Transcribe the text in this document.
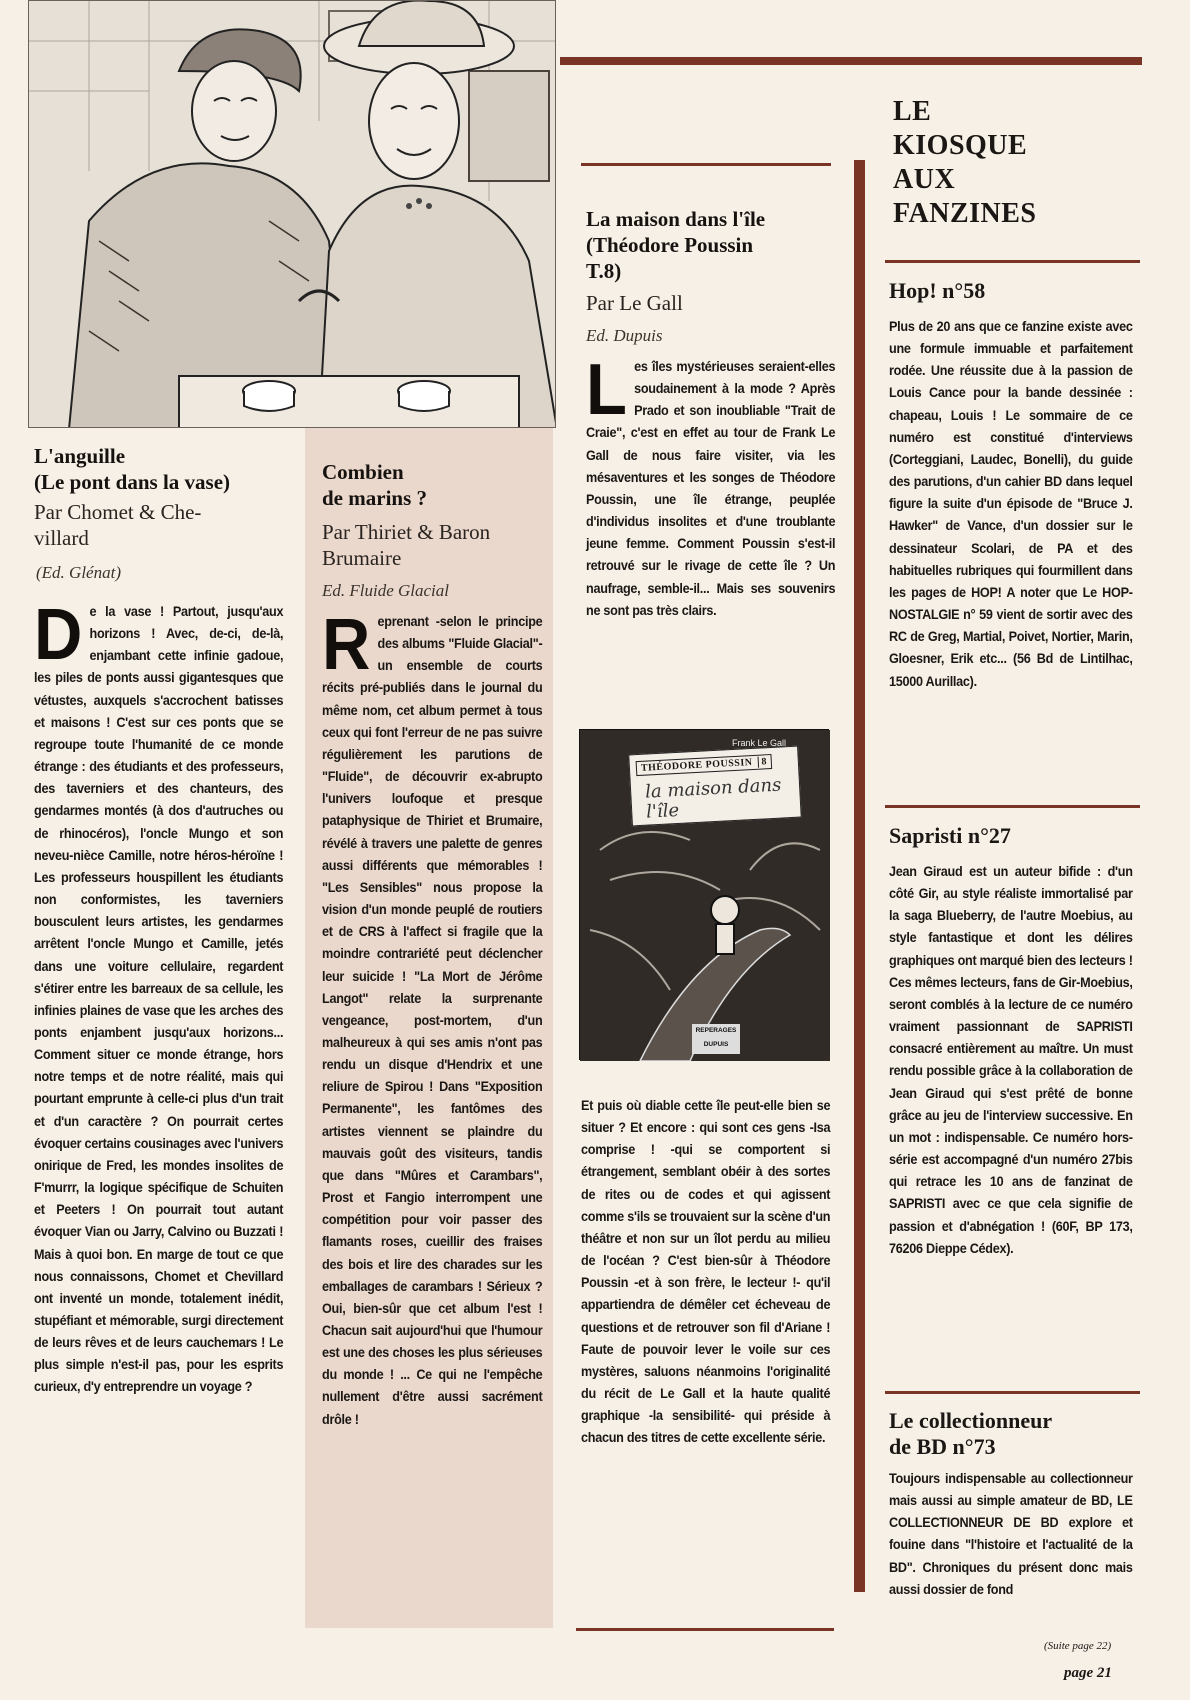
L'anguille
(Le pont dans la vase)
Par Chomet & Che-villard
(Ed. Glénat)
De la vase ! Partout, jusqu'aux horizons ! Avec, de-ci, de-là, enjambant cette infinie gadoue, les piles de ponts aussi gigantesques que vétustes, auxquels s'accrochent batisses et maisons ! C'est sur ces ponts que se regroupe toute l'humanité de ce monde étrange : des étudiants et des professeurs, des taverniers et des chanteurs, des gendarmes montés (à dos d'autruches ou de rhinocéros), l'oncle Mungo et son neveu-nièce Camille, notre héros-héroïne ! Les professeurs houspillent les étudiants non conformistes, les taverniers bousculent leurs artistes, les gendarmes arrêtent l'oncle Mungo et Camille, jetés dans une voiture cellulaire, regardent s'étirer entre les barreaux de sa cellule, les infinies plaines de vase que les arches des ponts enjambent jusqu'aux horizons... Comment situer ce monde étrange, hors notre temps et de notre réalité, mais qui pourtant emprunte à celle-ci plus d'un trait et d'un caractère ? On pourrait certes évoquer certains cousinages avec l'univers onirique de Fred, les mondes insolites de F'murrr, la logique spécifique de Schuiten et Peeters ! On pourrait tout autant évoquer Vian ou Jarry, Calvino ou Buzzati ! Mais à quoi bon. En marge de tout ce que nous connaissons, Chomet et Chevillard ont inventé un monde, totalement inédit, stupéfiant et mémorable, surgi directement de leurs rêves et de leurs cauchemars ! Le plus simple n'est-il pas, pour les esprits curieux, d'y entreprendre un voyage ?
Combien
de marins ?
Par Thiriet & Baron Brumaire
Ed. Fluide Glacial
Reprenant -selon le principe des albums "Fluide Glacial"- un ensemble de courts récits pré-publiés dans le journal du même nom, cet album permet à tous ceux qui font l'erreur de ne pas suivre régulièrement les parutions de "Fluide", de découvrir ex-abrupto l'univers loufoque et presque pataphysique de Thiriet et Brumaire, révélé à travers une palette de genres aussi différents que mémorables ! "Les Sensibles" nous propose la vision d'un monde peuplé de routiers et de CRS à l'affect si fragile que la moindre contrariété peut déclencher leur suicide ! "La Mort de Jérôme Langot" relate la surprenante vengeance, post-mortem, d'un malheureux à qui ses amis n'ont pas rendu un disque d'Hendrix et une reliure de Spirou ! Dans "Exposition Permanente", les fantômes des artistes viennent se plaindre du mauvais goût des visiteurs, tandis que dans "Mûres et Carambars", Prost et Fangio interrompent une compétition pour voir passer des flamants roses, cueillir des fraises des bois et lire des charades sur les emballages de carambars ! Sérieux ? Oui, bien-sûr que cet album l'est ! Chacun sait aujourd'hui que l'humour est une des choses les plus sérieuses du monde ! ... Ce qui ne l'empêche nullement d'être aussi sacrément drôle !
La maison dans l'île
(Théodore Poussin
T.8)
Par Le Gall
Ed. Dupuis
Les îles mystérieuses seraient-elles soudainement à la mode ? Après Prado et son inoubliable "Trait de Craie", c'est en effet au tour de Frank Le Gall de nous faire visiter, via les mésaventures et les songes de Théodore Poussin, une île étrange, peuplée d'individus insolites et d'une troublante jeune femme. Comment Poussin s'est-il retrouvé sur le rivage de cette île ? Un naufrage, semble-il... Mais ses souvenirs ne sont pas très clairs.
THÉODORE POUSSIN 8
la maison dans l'île
Frank Le Gall
REPERAGES
DUPUIS
Et puis où diable cette île peut-elle bien se situer ? Et encore : qui sont ces gens -Isa comprise ! -qui se comportent si étrangement, semblant obéir à des sortes de rites ou de codes et qui agissent comme s'ils se trouvaient sur la scène d'un théâtre et non sur un îlot perdu au milieu de l'océan ? C'est bien-sûr à Théodore Poussin -et à son frère, le lecteur !- qu'il appartiendra de démêler cet écheveau de questions et de retrouver son fil d'Ariane ! Faute de pouvoir lever le voile sur ces mystères, saluons néanmoins l'originalité du récit de Le Gall et la haute qualité graphique -la sensibilité- qui préside à chacun des titres de cette excellente série.
LE
KIOSQUE
AUX
FANZINES
Hop! n°58
Plus de 20 ans que ce fanzine existe avec une formule immuable et parfaitement rodée. Une réussite due à la passion de Louis Cance pour la bande dessinée : chapeau, Louis ! Le sommaire de ce numéro est constitué d'interviews (Corteggiani, Laudec, Bonelli), du guide des parutions, d'un cahier BD dans lequel figure la suite d'un épisode de "Bruce J. Hawker" de Vance, d'un dossier sur le dessinateur Scolari, de PA et des habituelles rubriques qui fourmillent dans les pages de HOP! A noter que Le HOP-NOSTALGIE n° 59 vient de sortir avec des RC de Greg, Martial, Poivet, Nortier, Marin, Gloesner, Erik etc... (56 Bd de Lintilhac, 15000 Aurillac).
Sapristi n°27
Jean Giraud est un auteur bifide : d'un côté Gir, au style réaliste immortalisé par la saga Blueberry, de l'autre Moebius, au style fantastique et dont les délires graphiques ont marqué bien des lecteurs ! Ces mêmes lecteurs, fans de Gir-Moebius, seront comblés à la lecture de ce numéro vraiment passionnant de SAPRISTI consacré entièrement au maître. Un must rendu possible grâce à la collaboration de Jean Giraud qui s'est prêté de bonne grâce au jeu de l'interview successive. En un mot : indispensable. Ce numéro hors-série est accompagné d'un numéro 27bis qui retrace les 10 ans de fanzinat de SAPRISTI avec ce que cela signifie de passion et d'abnégation ! (60F, BP 173, 76206 Dieppe Cédex).
Le collectionneur
de BD n°73
Toujours indispensable au collectionneur mais aussi au simple amateur de BD, LE COLLECTIONNEUR DE BD explore et fouine dans "l'histoire et l'actualité de la BD". Chroniques du présent donc mais aussi dossier de fond
(Suite page 22)
page 21
